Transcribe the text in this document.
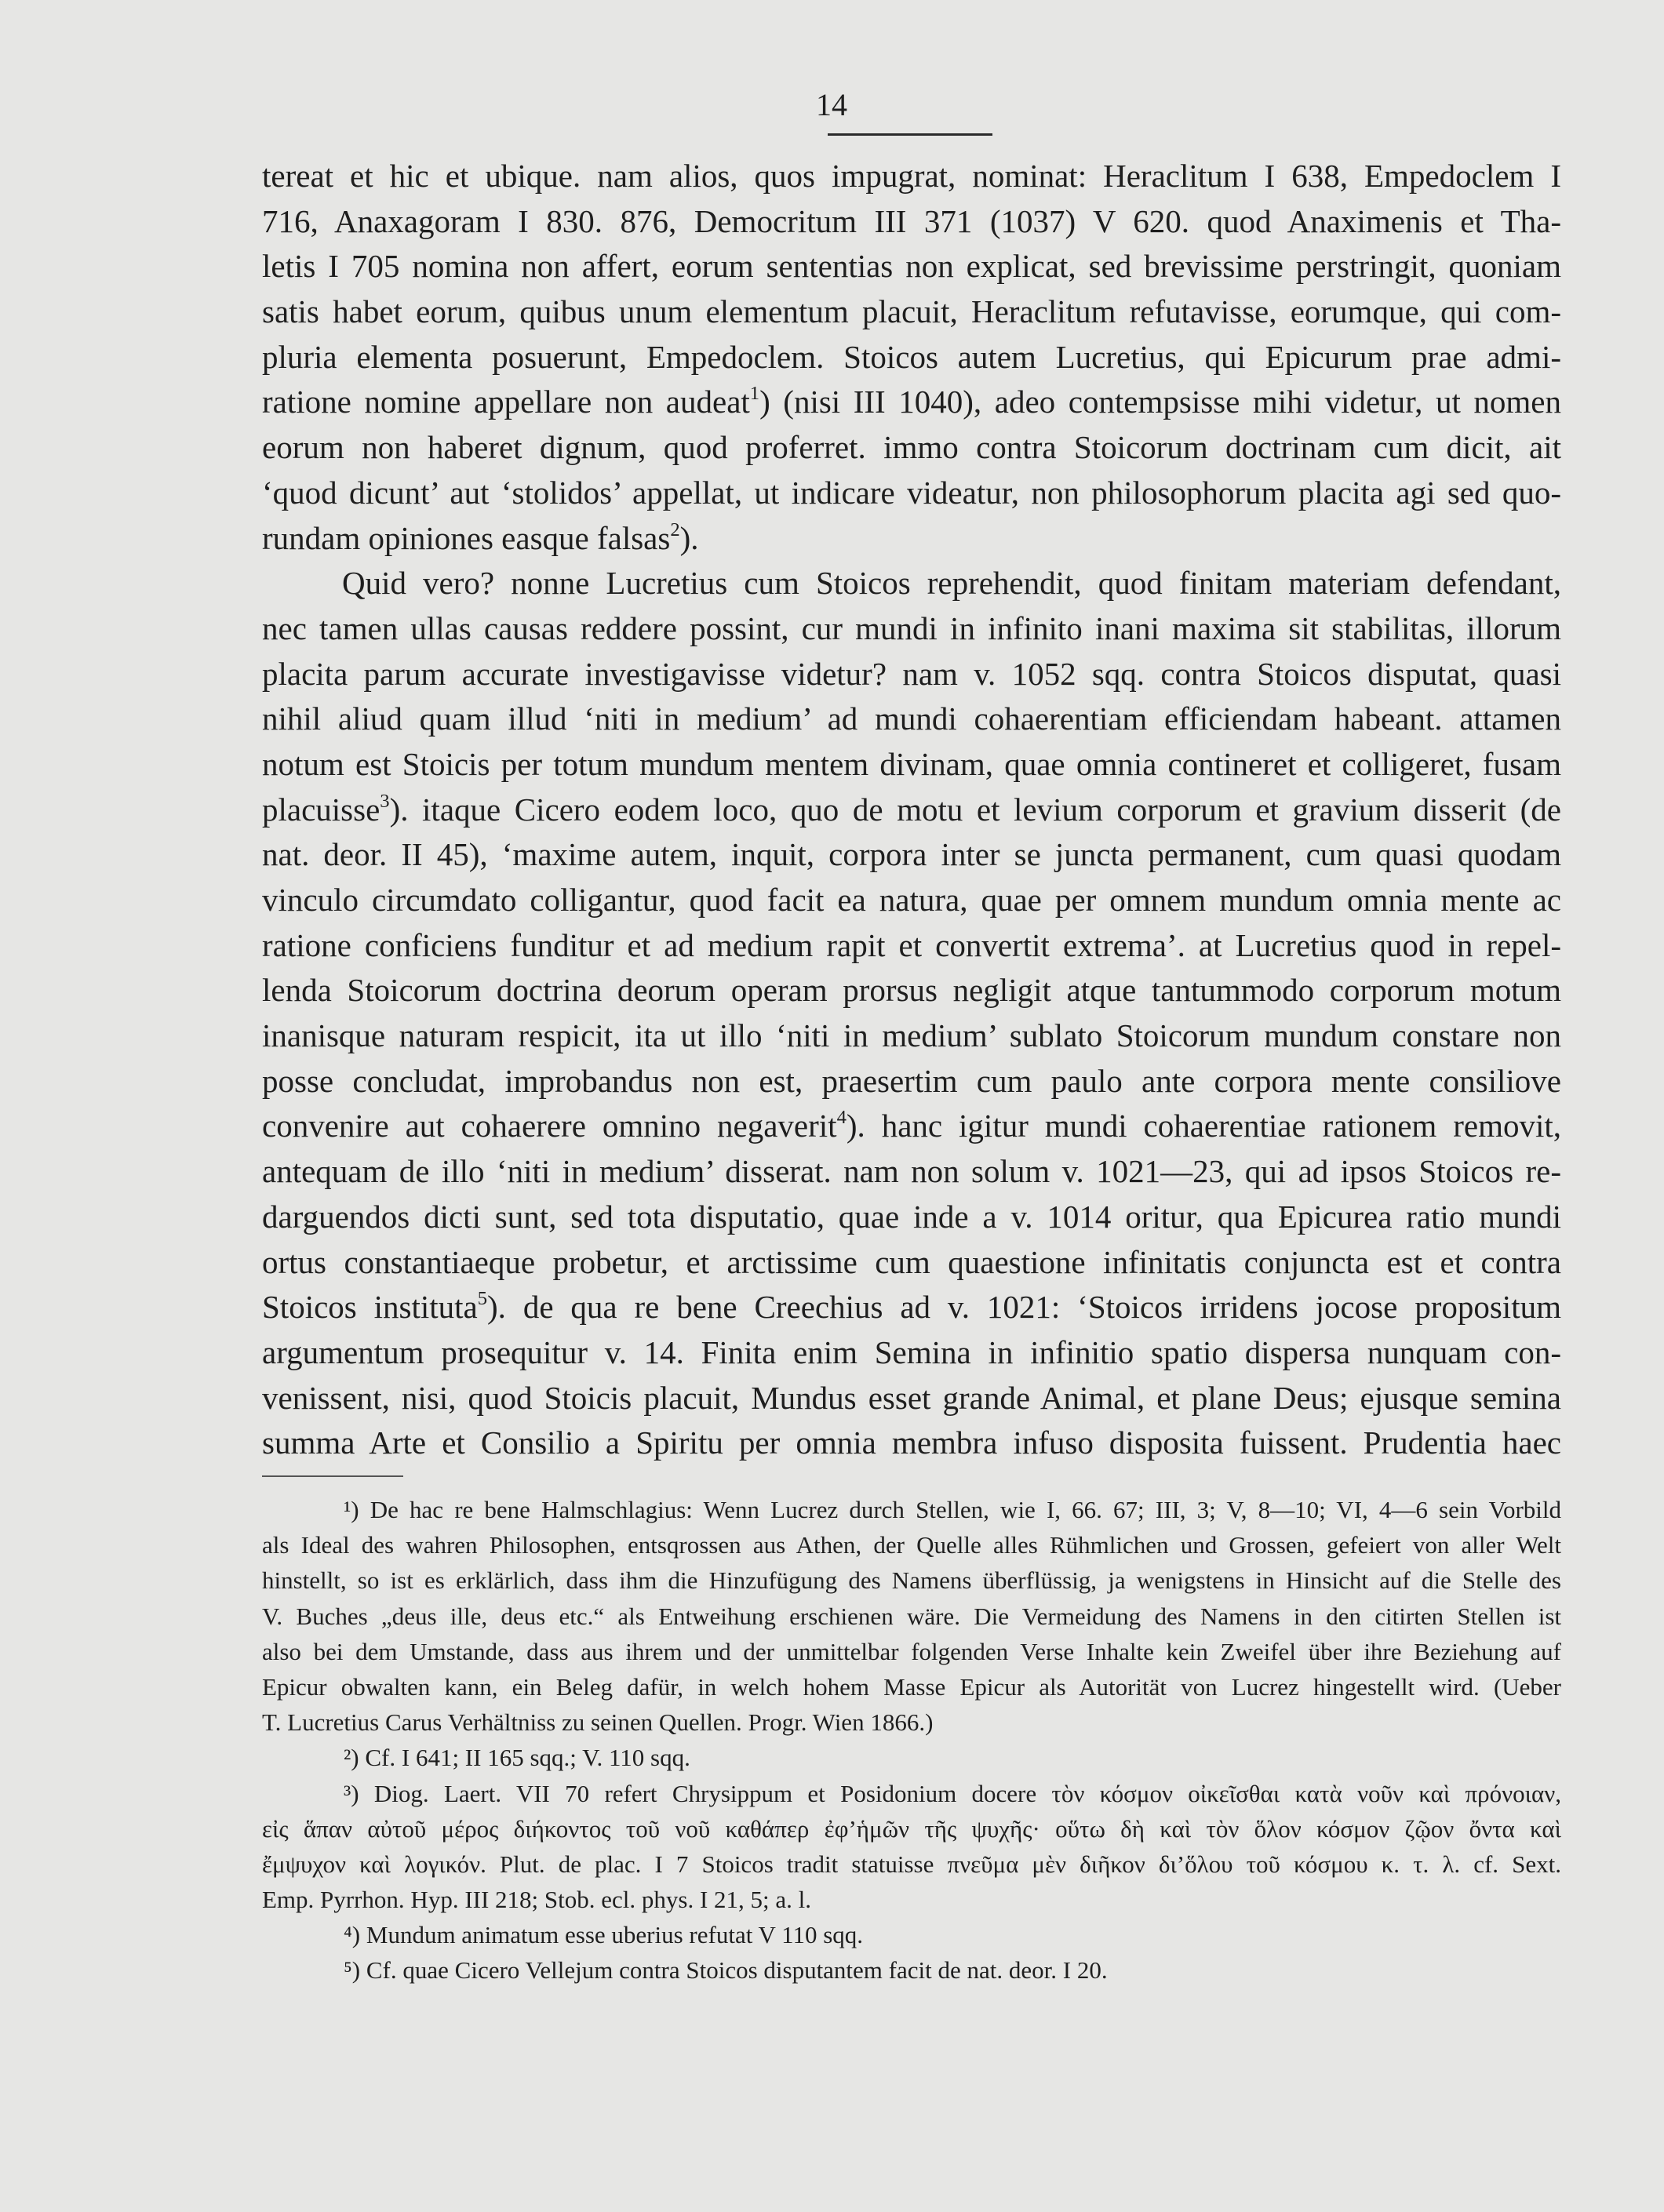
14
tereat et hic et ubique. nam alios, quos impugrat, nominat: Heraclitum I 638, Empedoclem I
716, Anaxagoram I 830. 876, Democritum III 371 (1037) V 620. quod Anaximenis et Tha-
letis I 705 nomina non affert, eorum sententias non explicat, sed brevissime perstringit, quoniam
satis habet eorum, quibus unum elementum placuit, Heraclitum refutavisse, eorumque, qui com-
pluria elementa posuerunt, Empedoclem. Stoicos autem Lucretius, qui Epicurum prae admi-
ratione nomine appellare non audeat$^1$) (nisi III 1040), adeo contempsisse mihi videtur, ut nomen
eorum non haberet dignum, quod proferret. immo contra Stoicorum doctrinam cum dicit, ait
‘quod dicunt’ aut ‘stolidos’ appellat, ut indicare videatur, non philosophorum placita agi sed quo-
rundam opiniones easque falsas$^2$).
Quid vero? nonne Lucretius cum Stoicos reprehendit, quod finitam materiam defendant,
nec tamen ullas causas reddere possint, cur mundi in infinito inani maxima sit stabilitas, illorum
placita parum accurate investigavisse videtur? nam v. 1052 sqq. contra Stoicos disputat, quasi
nihil aliud quam illud ‘niti in medium’ ad mundi cohaerentiam efficiendam habeant. attamen
notum est Stoicis per totum mundum mentem divinam, quae omnia contineret et colligeret, fusam
placuisse$^3$). itaque Cicero eodem loco, quo de motu et levium corporum et gravium disserit (de
nat. deor. II 45), ‘maxime autem, inquit, corpora inter se juncta permanent, cum quasi quodam
vinculo circumdato colligantur, quod facit ea natura, quae per omnem mundum omnia mente ac
ratione conficiens funditur et ad medium rapit et convertit extrema’. at Lucretius quod in repel-
lenda Stoicorum doctrina deorum operam prorsus negligit atque tantummodo corporum motum
inanisque naturam respicit, ita ut illo ‘niti in medium’ sublato Stoicorum mundum constare non
posse concludat, improbandus non est, praesertim cum paulo ante corpora mente consiliove
convenire aut cohaerere omnino negaverit$^4$). hanc igitur mundi cohaerentiae rationem removit,
antequam de illo ‘niti in medium’ disserat. nam non solum v. 1021—23, qui ad ipsos Stoicos re-
darguendos dicti sunt, sed tota disputatio, quae inde a v. 1014 oritur, qua Epicurea ratio mundi
ortus constantiaeque probetur, et arctissime cum quaestione infinitatis conjuncta est et contra
Stoicos instituta$^5$). de qua re bene Creechius ad v. 1021: ‘Stoicos irridens jocose propositum
argumentum prosequitur v. 14. Finita enim Semina in infinitio spatio dispersa nunquam con-
venissent, nisi, quod Stoicis placuit, Mundus esset grande Animal, et plane Deus; ejusque semina
summa Arte et Consilio a Spiritu per omnia membra infuso disposita fuissent. Prudentia haec
¹) De hac re bene Halmschlagius: Wenn Lucrez durch Stellen, wie I, 66. 67; III, 3; V, 8—10; VI, 4—6 sein Vorbild
als Ideal des wahren Philosophen, entsqrossen aus Athen, der Quelle alles Rühmlichen und Grossen, gefeiert von aller Welt
hinstellt, so ist es erklärlich, dass ihm die Hinzufügung des Namens überflüssig, ja wenigstens in Hinsicht auf die Stelle des
V. Buches „deus ille, deus etc.“ als Entweihung erschienen wäre. Die Vermeidung des Namens in den citirten Stellen ist
also bei dem Umstande, dass aus ihrem und der unmittelbar folgenden Verse Inhalte kein Zweifel über ihre Beziehung auf
Epicur obwalten kann, ein Beleg dafür, in welch hohem Masse Epicur als Autorität von Lucrez hingestellt wird. (Ueber
T. Lucretius Carus Verhältniss zu seinen Quellen. Progr. Wien 1866.)
²) Cf. I 641; II 165 sqq.; V. 110 sqq.
³) Diog. Laert. VII 70 refert Chrysippum et Posidonium docere τὸν κόσμον οἰκεῖσθαι κατὰ νοῦν καὶ πρόνοιαν,
εἰς ἅπαν αὐτοῦ μέρος διήκοντος τοῦ νοῦ καθάπερ ἐφ’ἡμῶν τῆς ψυχῆς· οὕτω δὴ καὶ τὸν ὅλον κόσμον ζῷον ὄντα καὶ
ἔμψυχον καὶ λογικόν. Plut. de plac. I 7 Stoicos tradit statuisse πνεῦμα μὲν διῆκον δι’ὅλου τοῦ κόσμου κ. τ. λ. cf. Sext.
Emp. Pyrrhon. Hyp. III 218; Stob. ecl. phys. I 21, 5; a. l.
⁴) Mundum animatum esse uberius refutat V 110 sqq.
⁵) Cf. quae Cicero Vellejum contra Stoicos disputantem facit de nat. deor. I 20.
